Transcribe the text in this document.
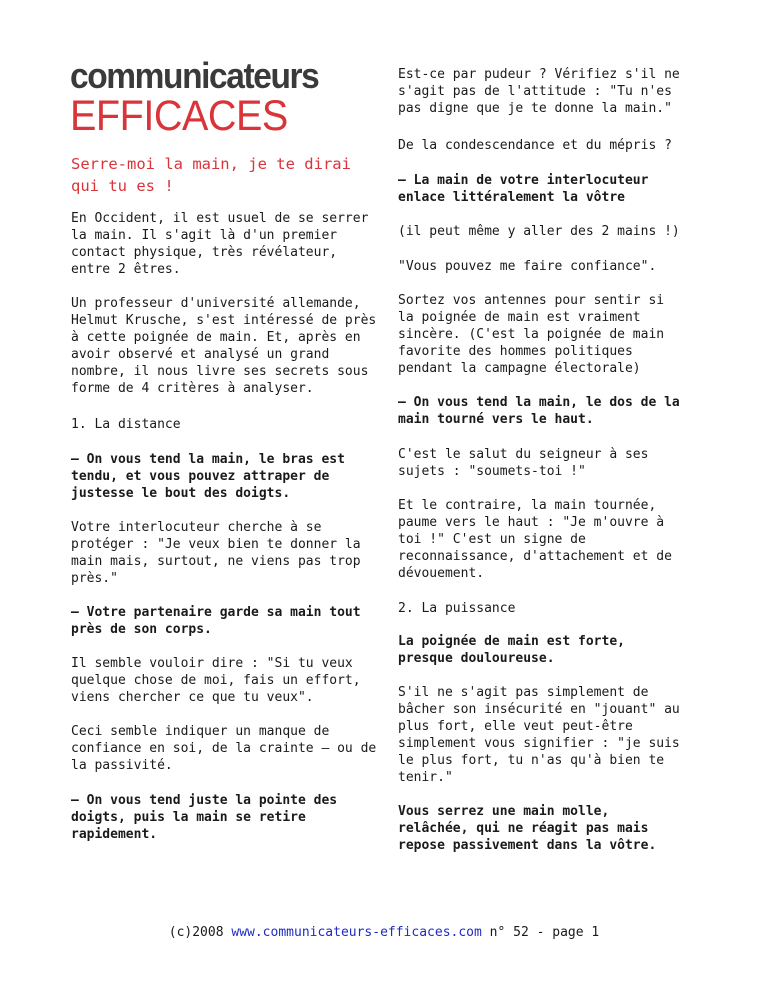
communicateurs
EFFICACES

Serre-moi la main, je te dirai

qui tu es !

En Occident, il est usuel de se serrer

la main. Il s'agit là d'un premier

contact physique, très révélateur,

entre 2 êtres.

Un professeur d'université allemande,

Helmut Krusche, s'est intéressé de près

à cette poignée de main. Et, après en

avoir observé et analysé un grand

nombre, il nous livre ses secrets sous

forme de 4 critères à analyser.

1. La distance

– On vous tend la main, le bras est

tendu, et vous pouvez attraper de

justesse le bout des doigts.

Votre interlocuteur cherche à se

protéger : "Je veux bien te donner la

main mais, surtout, ne viens pas trop

près."

– Votre partenaire garde sa main tout

près de son corps.

Il semble vouloir dire : "Si tu veux

quelque chose de moi, fais un effort,

viens chercher ce que tu veux".

Ceci semble indiquer un manque de

confiance en soi, de la crainte – ou de

la passivité.

– On vous tend juste la pointe des

doigts, puis la main se retire

rapidement.

Est-ce par pudeur ? Vérifiez s'il ne

s'agit pas de l'attitude : "Tu n'es

pas digne que je te donne la main."

De la condescendance et du mépris ?

– La main de votre interlocuteur

enlace littéralement la vôtre

(il peut même y aller des 2 mains !)

"Vous pouvez me faire confiance".

Sortez vos antennes pour sentir si

la poignée de main est vraiment

sincère. (C'est la poignée de main

favorite des hommes politiques

pendant la campagne électorale)

– On vous tend la main, le dos de la

main tourné vers le haut.

C'est le salut du seigneur à ses

sujets : "soumets-toi !"

Et le contraire, la main tournée,

paume vers le haut : "Je m'ouvre à

toi !" C'est un signe de

reconnaissance, d'attachement et de

dévouement.

2. La puissance

La poignée de main est forte,

presque douloureuse.

S'il ne s'agit pas simplement de

bâcher son insécurité en "jouant" au

plus fort, elle veut peut-être

simplement vous signifier : "je suis

le plus fort, tu n'as qu'à bien te

tenir."

Vous serrez une main molle,

relâchée, qui ne réagit pas mais

repose passivement dans la vôtre.

(c)2008 www.communicateurs-efficaces.com n° 52 - page 1
